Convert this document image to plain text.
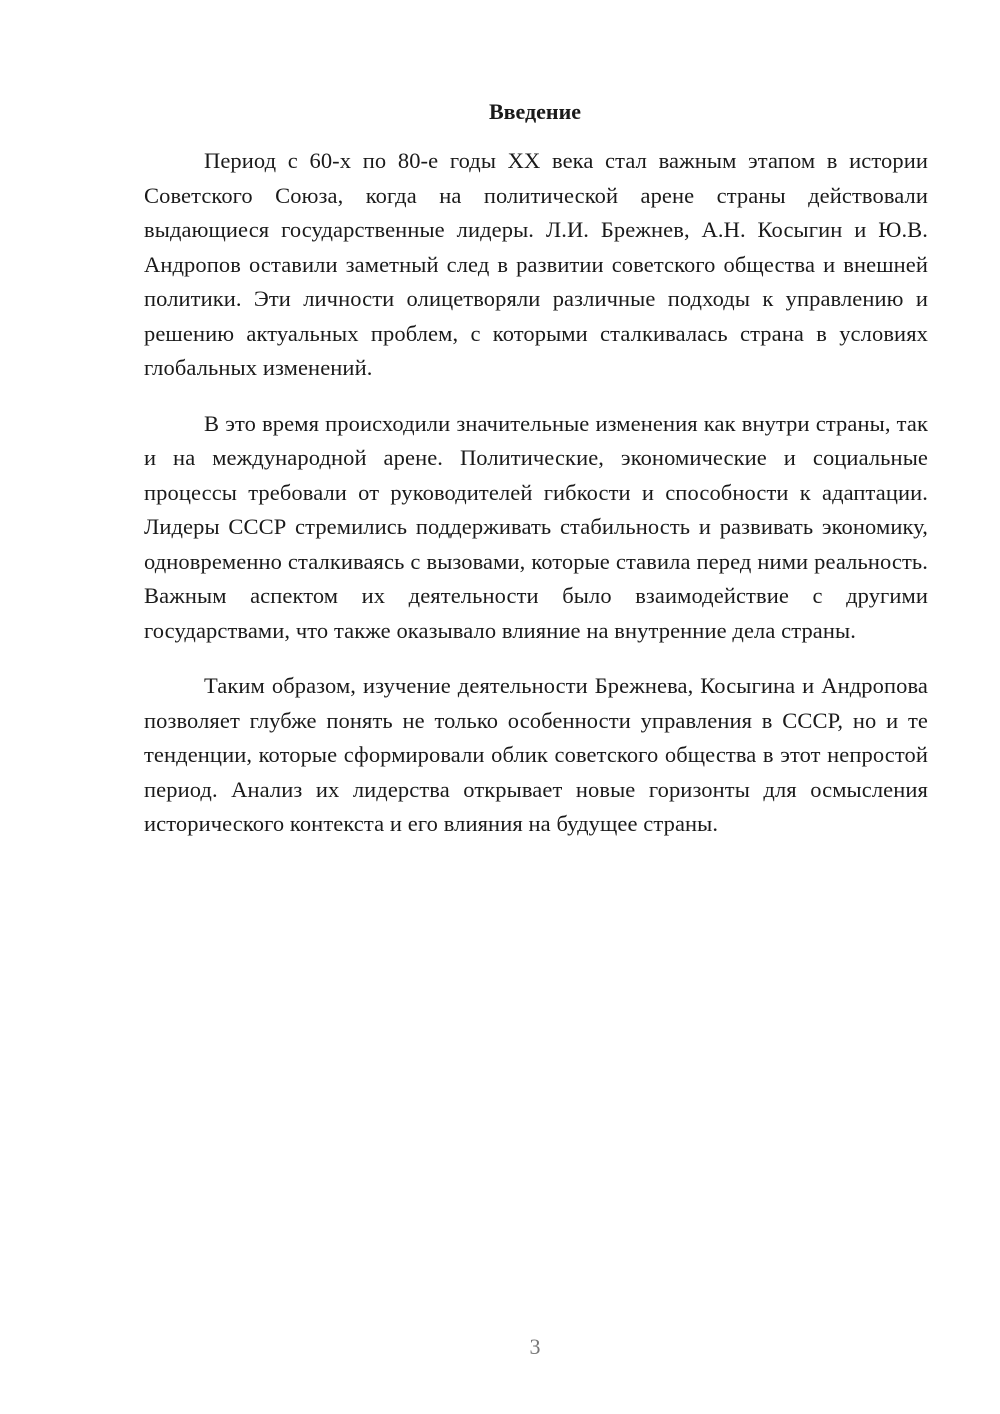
Введение

Период с 60-х по 80-е годы XX века стал важным этапом в истории Советского Союза, когда на политической арене страны действовали выдающиеся государственные лидеры. Л.И. Брежнев, А.Н. Косыгин и Ю.В. Андропов оставили заметный след в развитии советского общества и внешней политики. Эти личности олицетворяли различные подходы к управлению и решению актуальных проблем, с которыми сталкивалась страна в условиях глобальных изменений.

В это время происходили значительные изменения как внутри страны, так и на международной арене. Политические, экономические и социальные процессы требовали от руководителей гибкости и способности к адаптации. Лидеры СССР стремились поддерживать стабильность и развивать экономику, одновременно сталкиваясь с вызовами, которые ставила перед ними реальность. Важным аспектом их деятельности было взаимодействие с другими государствами, что также оказывало влияние на внутренние дела страны.

Таким образом, изучение деятельности Брежнева, Косыгина и Андропова позволяет глубже понять не только особенности управления в СССР, но и те тенденции, которые сформировали облик советского общества в этот непростой период. Анализ их лидерства открывает новые горизонты для осмысления исторического контекста и его влияния на будущее страны.

3
